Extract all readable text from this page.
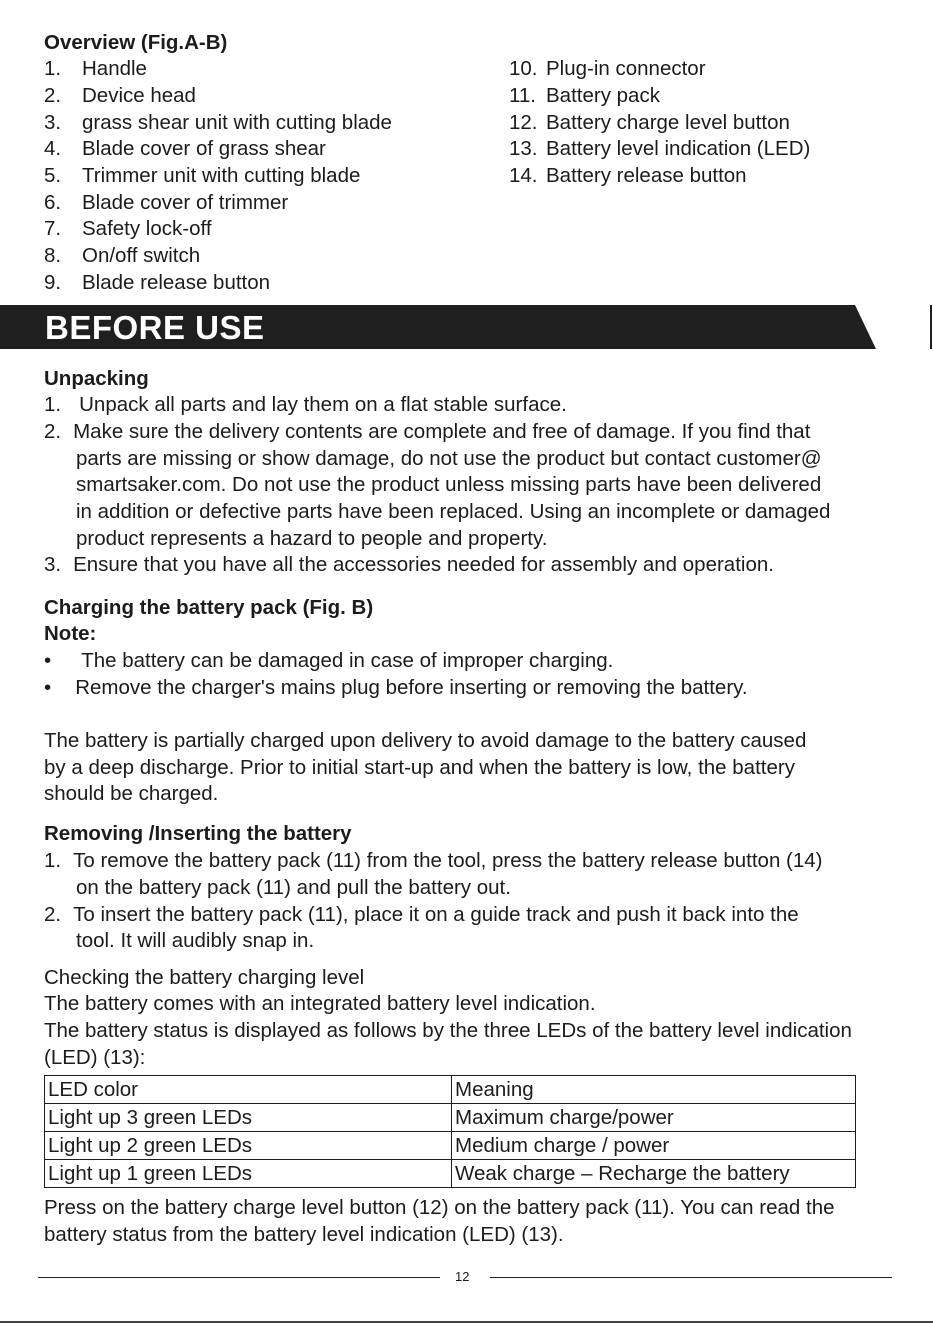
Overview (Fig.A-B)
1. Handle
2. Device head
3. grass shear unit with cutting blade
4. Blade cover of grass shear
5. Trimmer unit with cutting blade
6. Blade cover of trimmer
7. Safety lock-off
8. On/off switch
9. Blade release button
10. Plug-in connector
11. Battery pack
12. Battery charge level button
13. Battery level indication (LED)
14. Battery release button
BEFORE USE
Unpacking
1. Unpack all parts and lay them on a flat stable surface.
2. Make sure the delivery contents are complete and free of damage. If you find that
parts are missing or show damage, do not use the product but contact customer@
smartsaker.com. Do not use the product unless missing parts have been delivered
in addition or defective parts have been replaced. Using an incomplete or damaged
product represents a hazard to people and property.
3. Ensure that you have all the accessories needed for assembly and operation.
Charging the battery pack (Fig. B)
Note:
• The battery can be damaged in case of improper charging.
• Remove the charger's mains plug before inserting or removing the battery.
The battery is partially charged upon delivery to avoid damage to the battery caused
by a deep discharge. Prior to initial start-up and when the battery is low, the battery
should be charged.
Removing /Inserting the battery
1. To remove the battery pack (11) from the tool, press the battery release button (14)
on the battery pack (11) and pull the battery out.
2. To insert the battery pack (11), place it on a guide track and push it back into the
tool. It will audibly snap in.
Checking the battery charging level
The battery comes with an integrated battery level indication.
The battery status is displayed as follows by the three LEDs of the battery level indication
(LED) (13):
LED color	Meaning
Light up 3 green LEDs	Maximum charge/power
Light up 2 green LEDs	Medium charge / power
Light up 1 green LEDs	Weak charge – Recharge the battery
Press on the battery charge level button (12) on the battery pack (11). You can read the
battery status from the battery level indication (LED) (13).
12
